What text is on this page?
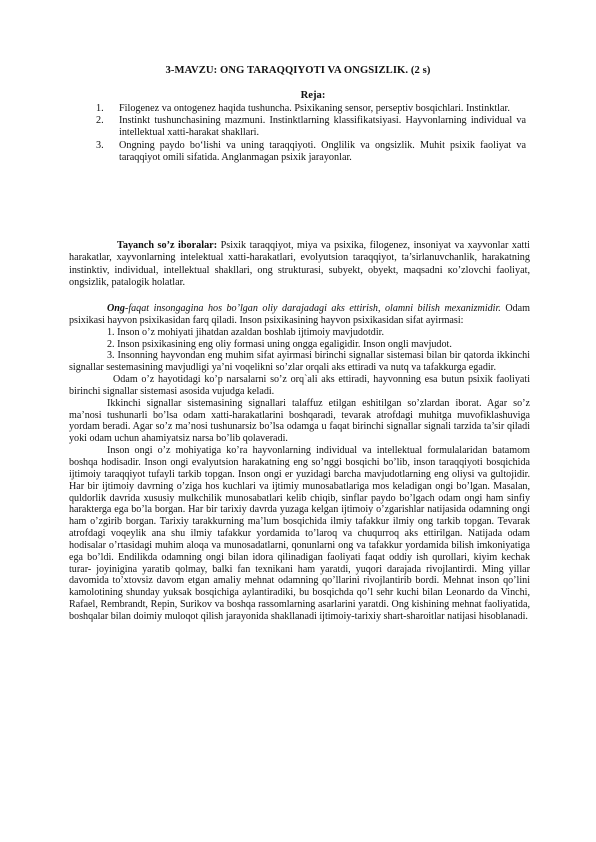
3-MAVZU: ONG TARAQQIYOTI VA ONGSIZLIK. (2 s)
Reja:
1. Filogenez va ontogenez haqida tushuncha. Psixikaning sensor, perseptiv bosqichlari. Instinktlar.
2. Instinkt tushunchasining mazmuni. Instinktlarning klassifikatsiyasi. Hayvonlarning individual va intellektual xatti-harakat shakllari.
3. Ongning paydo bo‘lishi va uning taraqqiyoti. Onglilik va ongsizlik. Muhit psixik faoliyat va taraqqiyot omili sifatida. Anglanmagan psixik jarayonlar.
Tayanch so’z iboralar: Psixik taraqqiyot, miya va psixika, filogenez, insoniyat va xayvonlar xatti harakatlar, xayvonlarning intelektual xatti-harakatlari, evolyutsion taraqqiyot, ta’sirlanuvchanlik, harakatning instinktiv, individual, intellektual shakllari, ong strukturasi, subyekt, obyekt, maqsadni кo’zlovchi faoliyat, ongsizlik, patalogik holatlar.

Ong-faqat insongagina hos bo’lgan oliy darajadagi aks ettirish, olamni bilish mexanizmidir. Odam psixikasi hayvon psixikasidan farq qiladi. Inson psixikasining hayvon psixikasidan sifat ayirmasi:

1. Inson o’z mohiyati jihatdan azaldan boshlab ijtimoiy mavjudotdir.

2. Inson psixikasining eng oliy formasi uning ongga egaligidir. Inson ongli mavjudot.

3. Insonning hayvondan eng muhim sifat ayirmasi birinchi signallar sistemasi bilan bir qatorda ikkinchi signallar sestemasining mavjudligi ya’ni voqelikni so’zlar orqali aks ettiradi va nutq va tafakkurga egadir.

Odam o’z hayotidagi ko’p narsalarni so’z orq`ali aks ettiradi, hayvonning esa butun psixik faoliyati birinchi signallar sistemasi asosida vujudga keladi.

Ikkinchi signallar sistemasining signallari talaffuz etilgan eshitilgan so’zlardan iborat. Agar so’z ma’nosi tushunarli bo’lsa odam xatti-harakatlarini boshqaradi, tevarak atrofdagi muhitga muvofiklashuviga yordam beradi. Agar so’z ma’nosi tushunarsiz bo’lsa odamga u faqat birinchi signallar signali tarzida ta’sir qiladi yoki odam uchun ahamiyatsiz narsa bo’lib qolaveradi.

Inson ongi o’z mohiyatiga ko’ra hayvonlarning individual va intellektual formulalaridan batamom boshqa hodisadir. Inson ongi evalyutsion harakatning eng so’nggi bosqichi bo’lib, inson taraqqiyoti bosqichida ijtimoiy taraqqiyot tufayli tarkib topgan. Inson ongi er yuzidagi barcha mavjudotlarning eng oliysi va gultojidir. Har bir ijtimoiy davrning o’ziga hos kuchlari va ijtimiy munosabatlariga mos keladigan ongi bo’lgan. Masalan, quldorlik davrida xususiy mulkchilik munosabatlari kelib chiqib, sinflar paydo bo’lgach odam ongi ham sinfiy harakterga ega bo’la borgan. Har bir tarixiy davrda yuzaga kelgan ijtimoiy o’zgarishlar natijasida odamning ongi ham o’zgirib borgan. Tarixiy tarakkurning ma’lum bosqichida ilmiy tafakkur ilmiy ong tarkib topgan. Tevarak atrofdagi voqeylik ana shu ilmiy tafakkur yordamida to’laroq va chuqurroq aks ettirilgan. Natijada odam hodisalar o’rtasidagi muhim aloqa va munosadatlarni, qonunlarni ong va tafakkur yordamida bilish imkoniyatiga ega bo’ldi. Endilikda odamning ongi bilan idora qilinadigan faoliyati faqat oddiy ish qurollari, kiyim kechak turar- joyinigina yaratib qolmay, balki fan texnikani ham yaratdi, yuqori darajada rivojlantirdi. Ming yillar davomida to’xtovsiz davom etgan amaliy mehnat odamning qo’llarini rivojlantirib bordi. Mehnat inson qo’lini kamolotining shunday yuksak bosqichiga aylantiradiki, bu bosqichda qo’l sehr kuchi bilan Leonardo da Vinchi, Rafael, Rembrandt, Repin, Surikov va boshqa rassomlarning asarlarini yaratdi. Ong kishining mehnat faoliyatida, boshqalar bilan doimiy muloqot qilish jarayonida shakllanadi ijtimoiy-tarixiy shart-sharoitlar natijasi hisoblanadi.
